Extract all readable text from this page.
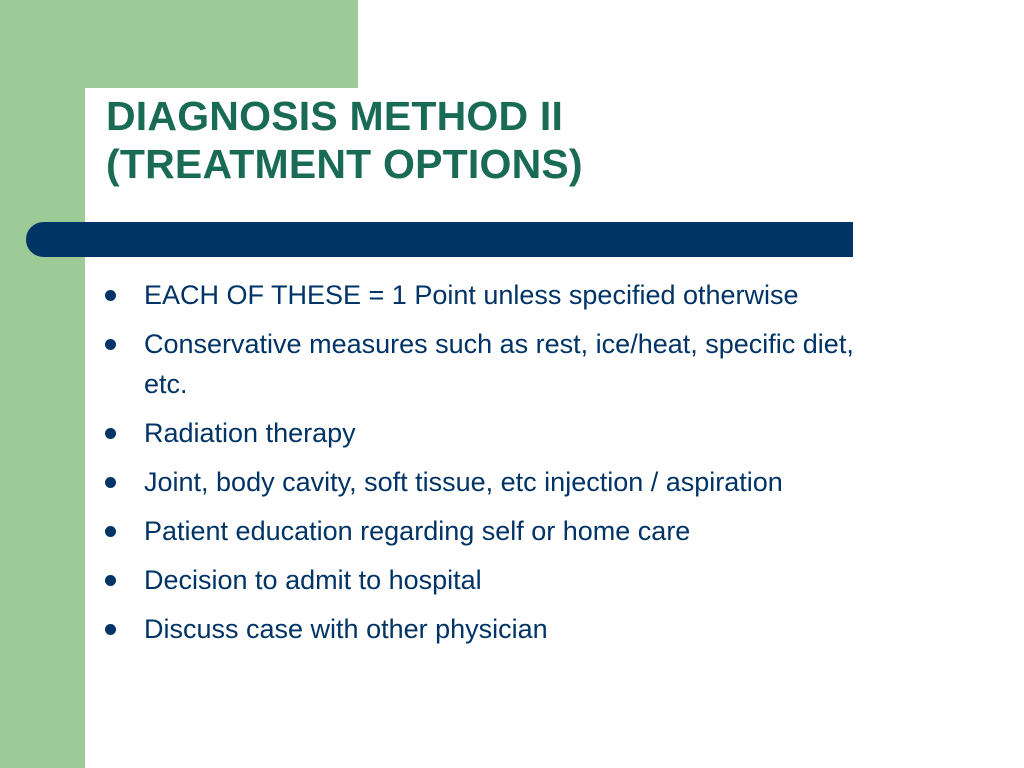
DIAGNOSIS METHOD II
(TREATMENT OPTIONS)
EACH OF THESE = 1 Point unless specified otherwise
Conservative measures such as rest, ice/heat, specific diet, etc.
Radiation therapy
Joint, body cavity, soft tissue, etc injection / aspiration
Patient education regarding self or home care
Decision to admit to hospital
Discuss case with other physician
